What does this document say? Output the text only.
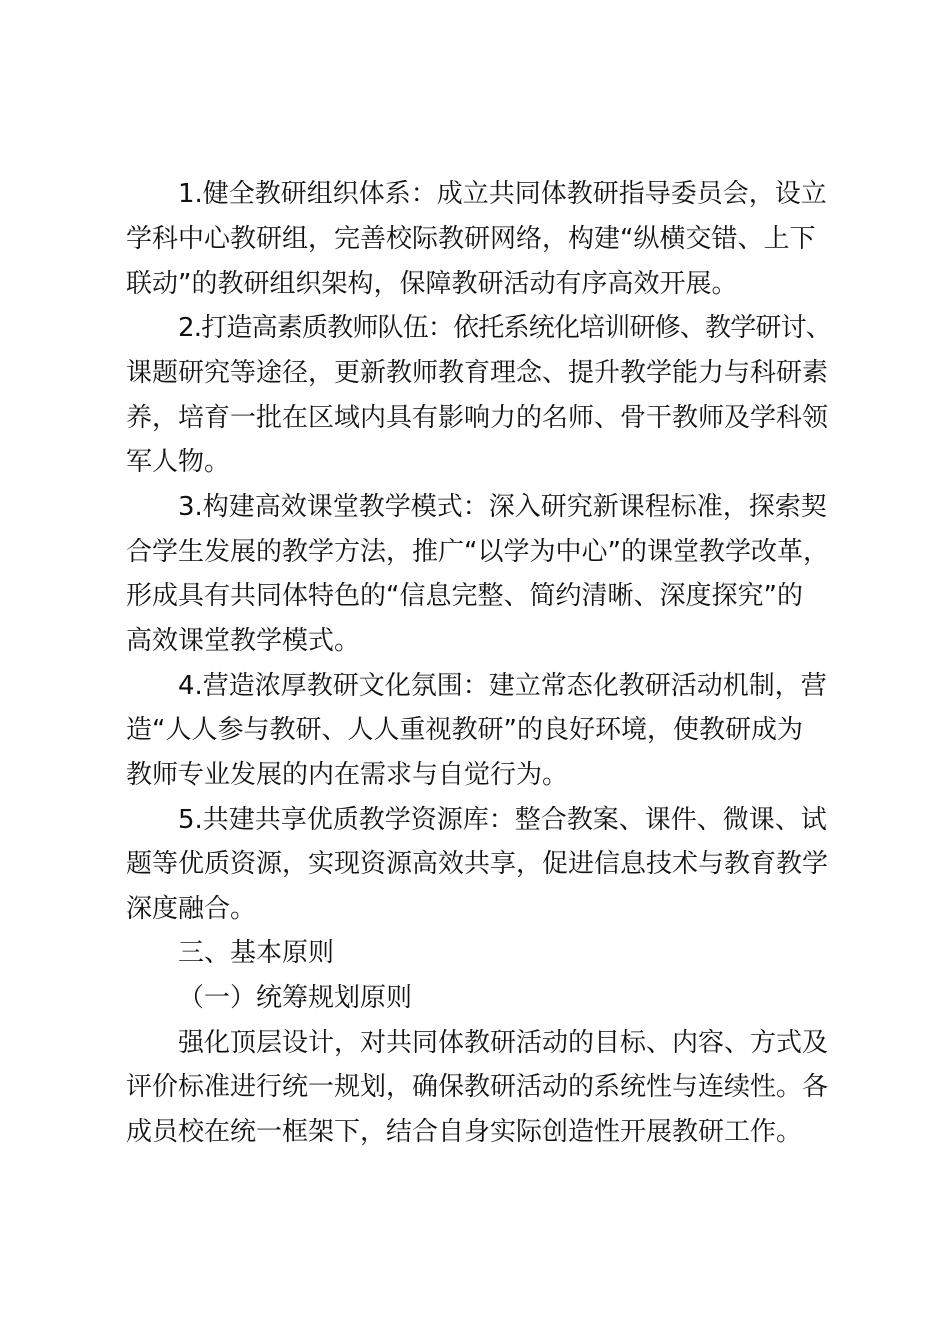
1.健全教研组织体系：成立共同体教研指导委员会，设立
学科中心教研组，完善校际教研网络，构建“纵横交错、上下
联动”的教研组织架构，保障教研活动有序高效开展。
2.打造高素质教师队伍：依托系统化培训研修、教学研讨、
课题研究等途径，更新教师教育理念、提升教学能力与科研素
养，培育一批在区域内具有影响力的名师、骨干教师及学科领
军人物。
3.构建高效课堂教学模式：深入研究新课程标准，探索契
合学生发展的教学方法，推广“以学为中心”的课堂教学改革，
形成具有共同体特色的“信息完整、简约清晰、深度探究”的
高效课堂教学模式。
4.营造浓厚教研文化氛围：建立常态化教研活动机制，营
造“人人参与教研、人人重视教研”的良好环境，使教研成为
教师专业发展的内在需求与自觉行为。
5.共建共享优质教学资源库：整合教案、课件、微课、试
题等优质资源，实现资源高效共享，促进信息技术与教育教学
深度融合。
三、基本原则
（一）统筹规划原则
强化顶层设计，对共同体教研活动的目标、内容、方式及
评价标准进行统一规划，确保教研活动的系统性与连续性。各
成员校在统一框架下，结合自身实际创造性开展教研工作。
